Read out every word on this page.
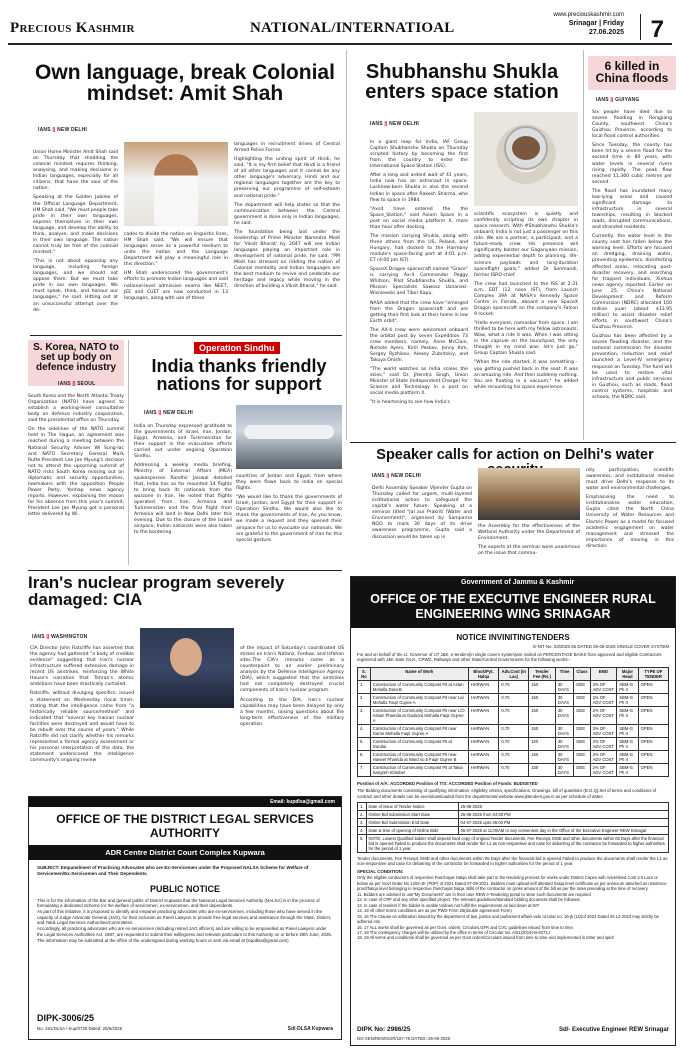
Precious Kashmir	NATIONAL/INTERNATIOAL
www.preciouskashmir.com
Srinagar | Friday
27.06.2025 7
Own language, break Colonial mindset: Amit Shah
IANS || NEW DELHI

Union Home Minister Amit Shah said on Thursday that shedding the colonial mindset requires thinking, analysing, and making decisions in Indian languages, especially for all citizens, that have the soul of the nation.

Speaking at the Golden Jubilee of the Official Language Department, HM Shah said, "We must people take pride in their own languages, express themselves in their own language, and develop the ability to think, analyse, and make decisions in their own language. The nation cannot truly be free of the colonial mindset."

"This is not about opposing any language, including foreign languages, and we should not oppose them. But we must take pride in our own languages. We must speak, think, and honour our languages," he said. Hitting out at an unsuccessful attempt over the de-

cades to divide the nation on linguistic lines, HM Shah said, "We will ensure that languages serve as a powerful medium to unite the nation and the Language Department will play a meaningful role in this direction."

HM Shah underscored the government's efforts to promote Indian languages and said national-level admission exams like NEET, JEE and CUET are now conducted in 13 languages, along with use of these

languages in recruitment drives of Central Armed Police Forces.

Highlighting the uniting spirit of Hindi, he said, "It is my firm belief that Hindi is a friend of all other languages and it cannot be any other language's adversary. Hindi and our regional languages together are the key to preserving our programme of self-esteem and national pride."

The department will help states so that the communication between the Central government is done only in Indian languages, he said.

The foundation being laid under the leadership of Prime Minister Narendra Modi for 'Viksit Bharat' by 2047 will see Indian languages playing an important role in development of national pride, he said. "PM Modi has stressed on ridding the nation of Colonial mentality and Indian languages are the best medium to revive and celebrate our heritage and legacy while moving in the direction of building a Viksit Bharat," he said.

Shubhanshu Shukla enters space station
IANS || NEW DELHI

In a giant leap for India, IAF Group Captain Shubhanshu Shukla on Thursday scripted history by becoming the first from the country to enter the International Space Station (ISS).

After a long and ardent wait of 41 years, India now has an astronaut in space. Lucknow-born Shukla is also the second Indian in space after Rakesh Sharma, who flew to space in 1984.

"Axs4 have entered the the Space_Station," said Axiom Space in a post on social media platform X, more than hour after docking.

The mission carrying Shukla, along with three others from the US, Poland, and Hungary, had docked to the Harmony module's space-facing port at 4:01 p.m. ET (4:00 pm IST).

SpaceX Dragon spacecraft named "Grace" is carrying Ax-4 Commander Peggy Whitson, Pilot Shubhanshu Shukla, and Mission Specialists Sawosz Uznanski-Wisniewski and Tibor Kapu.

NASA added that the crew have "emerged from the Dragon spacecraft and are getting their first look at their home in low Earth orbit".

The AX-4 crew were welcomed onboard the orbital post by seven Expedition 73 crew members, namely, Anne McClain, Nichole Ayers, Kirill Peskov, Jonny Kim, Sergey Ryzhikov, Alexey Zubritskiy, and Takuya Onishi.

"The world watches as India scales the skies," said Dr. Jitendra Singh, Union Minister of State (Independent Charge) for Science and Technology in a post on social media platform X.

"It is heartening to see how India's

scientific ecosystem is quietly and confidently scripting its own chapter in space research. With #Shubhanshu Shukla's onboard, India is not just a passenger on this ride. We are a partner, a participant, and a future-ready crew. His presence will significantly bolster our Gaganyaan mission, adding experiential depth to planning, life-science payloads and long-duration spaceflight goals," added Dr Sonmandi, former ISRO chief.

The crew had launched to the ISS at 2:31 a.m. EDT (12 noon IST), from Launch Complex 39A at NASA's Kennedy Space Centre in Florida, aboard a new SpaceX Dragon spacecraft on the company's Falcon 9 rocket.

"Hello everyone, namaskar from space. I am thrilled to be here with my fellow astronauts. Wow, what a ride it was. When I was sitting in the capsule on the launchpad, the only thought in my mind was: let's just go," Group Captain Shukla said.

"When the ride started, it was something - you getting pushed back in the seat. It was an amazing ride. And then suddenly nothing. You are floating in a vacuum," he added while recounting his space experience.

6 killed in China floods
IANS || GUIYANG

Six people have died due to severe flooding in Rongjiang County, southwest China's Guizhou Province, according to local flood control authorities.

Since Tuesday, the county has been hit by a severe flood for the second time in 80 years, with water levels in several rivers rising rapidly. The peak flow reached 11,360 cubic metres per second.

The flood has inundated many low-lying areas and caused significant damage to infrastructure in several townships, resulting in blocked roads, disrupted communications, and stranded residents.

Currently, the water level in the county seat has fallen below the warning level. Efforts are focused on dredging, draining water, preventing epidemics, disinfecting affected areas, relocating post-disaster recovery, and searching for trapped individuals, Xinhua news agency reported. Earlier on June 25, China's National Development and Reform Commission (NDRC) allocated 100 million yuan (about $13.95 million) to assist disaster relief efforts in southwest China's Guizhou Province.

Guizhou has been affected by a severe flooding disaster, and the national commission for disaster prevention, reduction and relief launched a Level-IV emergency response on Tuesday. The fund will be used to restore vital infrastructure and public services in Guizhou, such as roads, flood control systems, hospitals and schools, the NDRC said.

S. Korea, NATO to set up body on defence industry
IANS || SEOUL

South Korea and the North Atlantic Treaty Organization (NATO) have agreed to establish a working-level consultative body on defence industry cooperation, said the presidential office on Thursday.

On the sidelines of the NATO summit held in The Hague, an agreement was reached during a meeting between the National Security Adviser Wi Sung-lac and NATO Secretary General Mark Rutte.President Lee Jae Myung's decision not to attend the upcoming summit of NATO risks South Korea missing out on diplomatic and security opportunities, lawmakers with the opposition People Power Party, Yonhap news agency reports. However, explaining the reason for his absence from this year's summit, President Lee Jae Myung got a personal letter delivered by Wi.

Operation Sindhu
India thanks friendly nations for support
IANS || NEW DELHI

India on Thursday expressed gratitude to the governments of Israel, Iran, Jordan, Egypt, Armenia, and Turkmenistan for their support in the evacuation efforts carried out under ongoing Operation Sindhu.

Addressing a weekly media briefing, Ministry of External Affairs (MEA) spokesperson Randhir Jaiswal detailed that, India has so far mounted 14 flights to bring back its nationals from the warzone in Iran. He noted that flights operated from Iran, Armenia and Turkmenistan and the final flight from Armenia will land in New Delhi later this evening. Due to the closure of the Israeli airspace, Indian nationals were also taken to the bordering

countries of Jordan and Egypt, from where they were flown back to India on special flights.

"We would like to thank the governments of Israel, Jordan, and Egypt for their support in Operation Sindhu. We would also like to thank the governments of Iran, As you know, we made a request and they opened their airspace for us to evacuate our nationals. We are grateful to the government of Iran for this special gesture.

Speaker calls for action on Delhi's water
IANS || NEW DELHI

Delhi Assembly Speaker Vijender Gupta on Thursday called for urgent, multi-layered institutional action to safeguard the capital's water future. Speaking at a seminar titled "Jal aur Prakriti (Water and Environment)", organised by Samparna NGO to mark 30 days of its drive awareness programme, Gupta said a discussion would be taken up in

the Assembly for the effectiveness of the Wetland Authority under the Department of Environment.

The experts at the seminar were unanimous on the issue that commu-

nity participation, scientific awareness, and institutional resolve must drive Delhi's response to its water and environmental challenges.

Emphasising the need to institutionalise water education, Gupta cited the North China University of Water Resources and Electric Power as a model for focused academic engagement on water management and stressed the importance of moving in this direction.

Iran's nuclear program severely damaged: CIA
IANS || WASHINGTON

CIA Director John Ratcliffe has asserted that the agency had gathered "a body of credible evidence" suggesting that Iran's nuclear infrastructure suffered extensive damage in recent US airstrikes, reinforcing the White House's narrative that Tehran's atomic ambitions have been drastically curtailed.

Ratcliffe, without divulging specifics, issued a statement on Wednesday (local time), stating that the intelligence came from "a historically reliable source/method" and indicated that "several key Iranian nuclear facilities were destroyed and would have to be rebuilt over the course of years." While Ratcliffe did not clarify whether his remarks represented a formal agency assessment or his personal interpretation of the data, the statement underscored the intelligence community's ongoing review

of the impact of Saturday's coordinated US strikes on Iran's Natanz, Fordow, and Isfahan sites.The CIA's remarks came as a counterpoint to an earlier preliminary analysis by the Defense Intelligence Agency (DIA), which suggested that the airstrikes had not completely destroyed crucial components of Iran's nuclear program.

According to the DIA, Iran's nuclear capabilities may have been delayed by only a few months, raising questions about the long-term effectiveness of the military operation.

Email: kupdlsa@gmail.com
OFFICE OF THE DISTRICT LEGAL SERVICES AUTHORITY
ADR Centre District Court Complex Kupwara
SUBJECT: Empanelment of Practicing Advocates who are Ex-Servicemen under the Proposed NALSA Scheme for Welfare of Servicemen/Ex-Servicemen and Their Dependents.
PUBLIC NOTICE

This is for the information of the Bar and general public of District Kupwara that the National Legal Services Authority (NALSA) is in the process of formulating a dedicated Scheme for the welfare of servicemen, ex-servicemen, and their dependents.

As part of this initiative, it is proposed to identify and empanel practicing advocates who are ex-servicemen, including those who have served in the capacity of Judge Advocate General (JAG), for their inclusion as Panel Lawyers to provide free legal services and assistance through the State, District, and Taluk Legal Services Authorities/Committees.

Accordingly, all practicing advocates who are ex-servicemen (including retired JAG officers) and are willing to be empanelled as Panel Lawyers under the Legal Services Authorities Act, 1987, are requested to submit their willingness and relevant particulars to this Authority on or before 29th June, 2025.

The information may be submitted at the office of the undersigned during working hours or sent via email at (kupdlsa@gmail.com)

DIPK-3006/25
No. 191/DLSA / Kup/0725 Dated: 25/6/2025	Sd/-DLSA Kupwara
Government of Jammu & Kashmir
OFFICE OF THE EXECUTIVE ENGINEER RURAL ENGINEERING WING SRINAGAR
NOTICE INVINITINGTENDERS
E-NIT No: 03/2025-26 DATED 25-06-2025 SINGLE COVER SYSTEM
For and on behalf of the Lt. Governor of UT J&K, e-tenders(in single covers system)are invited on PERCENTAGE BASIS from approved and eligible Contractors registered with J&K state Govt., CPWD, Railways and other State/Central Governments for the following works:-
S. No	Name of Work	Block/Pyt. Halqa	Adv.Cost (In Lac)	Tender Fee (Rs.)	Time	Class	EMD	Major Head	TYPE OF TENDER
1.	Construction of Community Compost Pit at Astan Mohalla Dara-B	HARWAN	0.70	150	30 DAYS	DEE	2% OF ADV COST	SBM-G Ph II	OPEN
2.	Construction of Community Compost Pit near Lal Mohalla Faqir Gujree A	HARWAN	0.70	150	30 DAYS	DEE	2% OF ADV COST	SBM-G Ph II	OPEN
3.	Construction of Community Compost Pit near L/O Aslam Phamda at Gadoora Mohalla Faqir Gujree A	HARWAN	0.70	150	30 DAYS	DEE	2% OF ADV COST	SBM-G Ph II	OPEN
4.	Construction of Community Compost Pit near Game Mohalla Faqir Gujree A	HARWAN	0.70	150	30 DAYS	DEE	2% OF ADV COST	SBM-G Ph II	OPEN
5.	Construction of Community Compost Pit at Gandai	HARWAN	0.70	150	30 DAYS	DEE	2% OF ADV COST	SBM-G Ph II	OPEN
6.	Construction of Community Compost Pit near Haneef Phamda at Ward no.5 Faqir Gujree B	HARWAN	0.70	150	30 DAYS	DEE	2% OF ADV COST	SBM-G Ph II	OPEN
7.	Construction of Community Compost Pit at Takia Sangreh Khimber	HARWAN	0.70	150	30 DAYS	DEE	2% OF ADV COST	SBM-G Ph II	OPEN
Position of A/A: ACCORDED Position of T/S: ACCORDED Position of Funds: BUDGETED
The Bidding documents consisting of qualifying information, eligibility criteria, specifications, Drawings, bill of quantities (B.O.Q),Set of terms and conditions of contract and other details can be seen/downloaded from the departmental website www.jktenders.gov.in as per schedule of dates.
1.	Date of issue of Tender Notice	25-06-2025
2.	Online Bid submission Start Date	25-06-2025 from 04:00 PM
3.	Online Bid Submission End Date	04-07-2025 upto 06:00 PM
4.	Date & time of opening of Online Bids	05-07-2025 at 11:00AM or any convenient day in the Office of the Executive Engineer REW Srinagar
5.	NOTE: Lowest Qualified bidder shall deposit hard copy of original Tender documents, Fee Receipt, EMD and other documents within 05 Days after the financial bid is opened Failed to produce the documents shall render the L1 as non-responsive and case for debarring of the contractor be forwarded to higher authorities for the period of 1 year.	
Tender documents, Fee Receipt, EMD and other documents within 05 Days after the financial bid is opened Failed to produce the documents shall render the L1 as non-responsive and case for debarring of the contractor be forwarded to higher authorities for the period of 1 year.
SPECIAL CONDITION:

Only the eligible contractors of respective Panchayat Halqa shall take part in the tendering process for works under District Capex with Advertised Cost 3.0 Lacs or below as per Govt Order No 1202-JK (PDP) of 2021 Dated 07-09-2021. Bidders must upload self attested halqa level certificate as per annexure attached as residence proof/halqa level belonging in respective Panchayat halqa. Bills of the contractor on gross amount of the bill as per the rates prevailing at the time of recovery.

11. Bidders are advised to use"My Documents" are in their user REW e-Tendering portal to store such documents are required

12. In case of CRF and any other specified project. The relevant guidelines/standard bidding document shall be followed.

13. In case of tenders if the bidder is unable to/does not fulfill the requirements as laid down at NIT

14. 18 All other terms conditions are as per PWD Form 25(double agreement Form)

15. 16 The Clause on arbitration issued by the department of law, justice and parliament affairs vide circular no: 16-jk (LD)of 2023 Dated 26 12-2023 may strictly be adhered into

16. 17 ALL works shall be governed as per Govt. orders, Circulars,GFR and CVC guidelines issued from time to time.

17. 18 The contingency charges will be utilized by the office in terms of Circular No. A/51(2016)-B-9271J

18. 19 All terms and conditions shall be governed as per Govt orders/Circulars issued from time to time and implemented in letter and spirit

DIPK No: 2986/25
NO-XEN/REW/SGR/187-76 DATED:-25-06-2025
Sd/- Executive Engineer REW Srinagar
